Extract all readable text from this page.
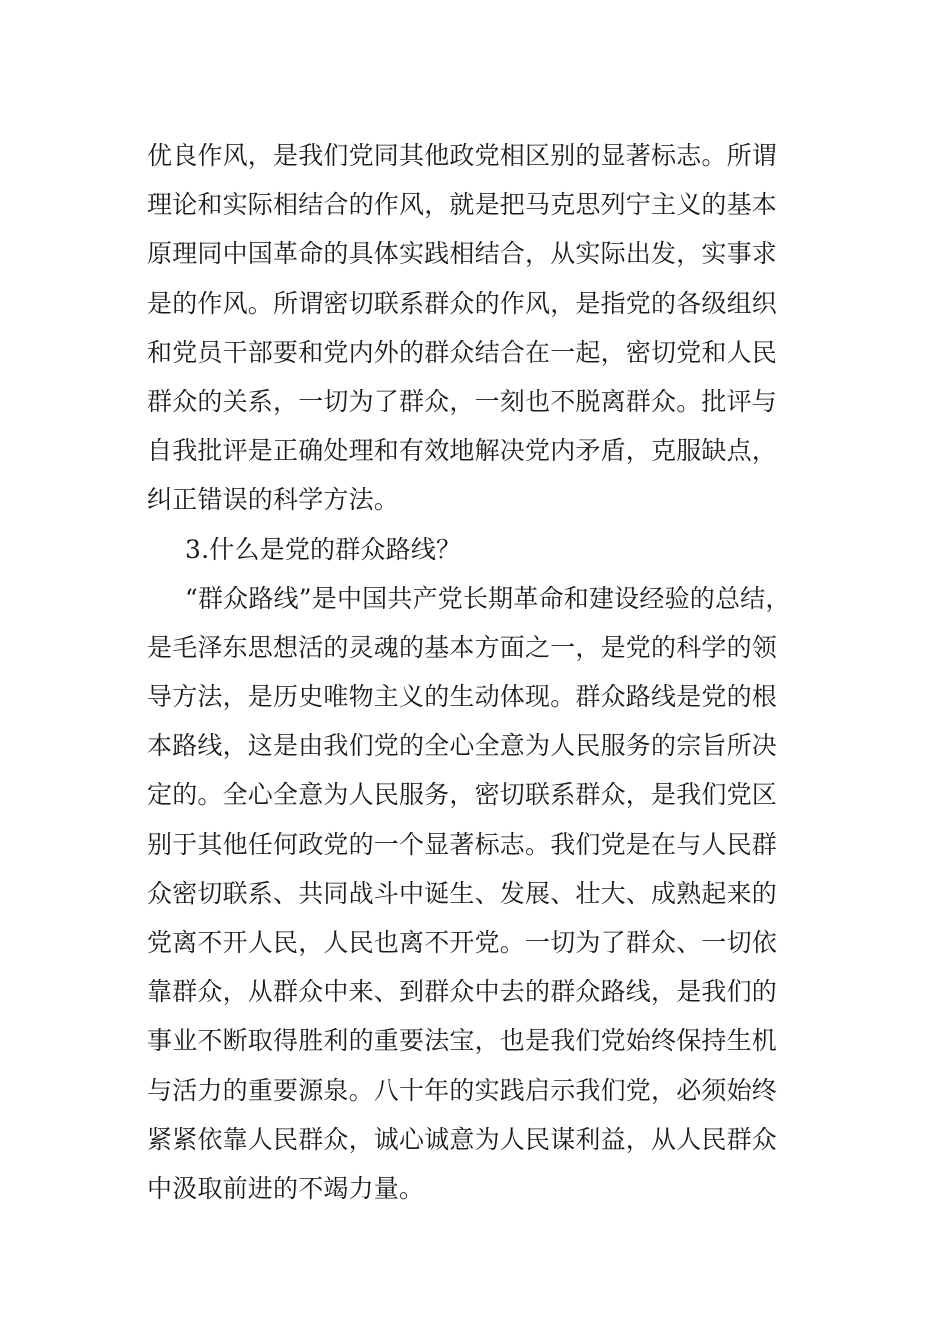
优良作风，是我们党同其他政党相区别的显著标志。所谓
理论和实际相结合的作风，就是把马克思列宁主义的基本
原理同中国革命的具体实践相结合，从实际出发，实事求
是的作风。所谓密切联系群众的作风，是指党的各级组织
和党员干部要和党内外的群众结合在一起，密切党和人民
群众的关系，一切为了群众，一刻也不脱离群众。批评与
自我批评是正确处理和有效地解决党内矛盾，克服缺点，
纠正错误的科学方法。
3.什么是党的群众路线？
“群众路线”是中国共产党长期革命和建设经验的总结，
是毛泽东思想活的灵魂的基本方面之一，是党的科学的领
导方法，是历史唯物主义的生动体现。群众路线是党的根
本路线，这是由我们党的全心全意为人民服务的宗旨所决
定的。全心全意为人民服务，密切联系群众，是我们党区
别于其他任何政党的一个显著标志。我们党是在与人民群
众密切联系、共同战斗中诞生、发展、壮大、成熟起来的
党离不开人民，人民也离不开党。一切为了群众、一切依
靠群众，从群众中来、到群众中去的群众路线，是我们的
事业不断取得胜利的重要法宝，也是我们党始终保持生机
与活力的重要源泉。八十年的实践启示我们党，必须始终
紧紧依靠人民群众，诚心诚意为人民谋利益，从人民群众
中汲取前进的不竭力量。
